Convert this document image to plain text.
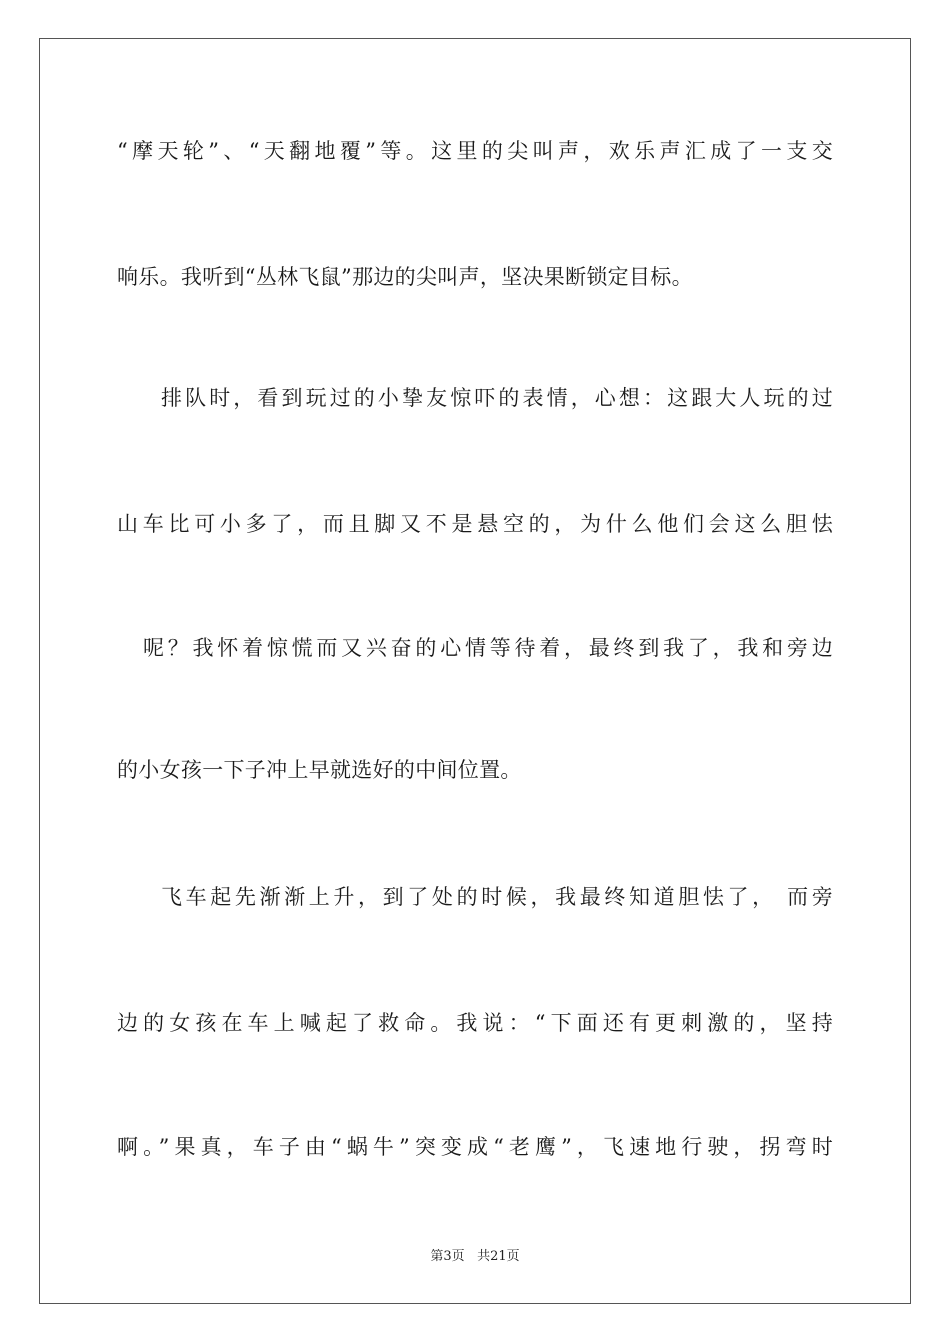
“摩天轮”、“天翻地覆”等。这里的尖叫声，欢乐声汇成了一支交
响乐。我听到“丛林飞鼠”那边的尖叫声，坚决果断锁定目标。
排队时，看到玩过的小挚友惊吓的表情，心想：这跟大人玩的过
山车比可小多了，而且脚又不是悬空的，为什么他们会这么胆怯
呢？我怀着惊慌而又兴奋的心情等待着，最终到我了，我和旁边
的小女孩一下子冲上早就选好的中间位置。
飞车起先渐渐上升，到了处的时候，我最终知道胆怯了， 而旁
边的女孩在车上喊起了救命。我说：“下面还有更刺激的，坚持
啊。”果真，车子由“蜗牛”突变成“老鹰”，飞速地行驶，拐弯时
第3页 共21页
